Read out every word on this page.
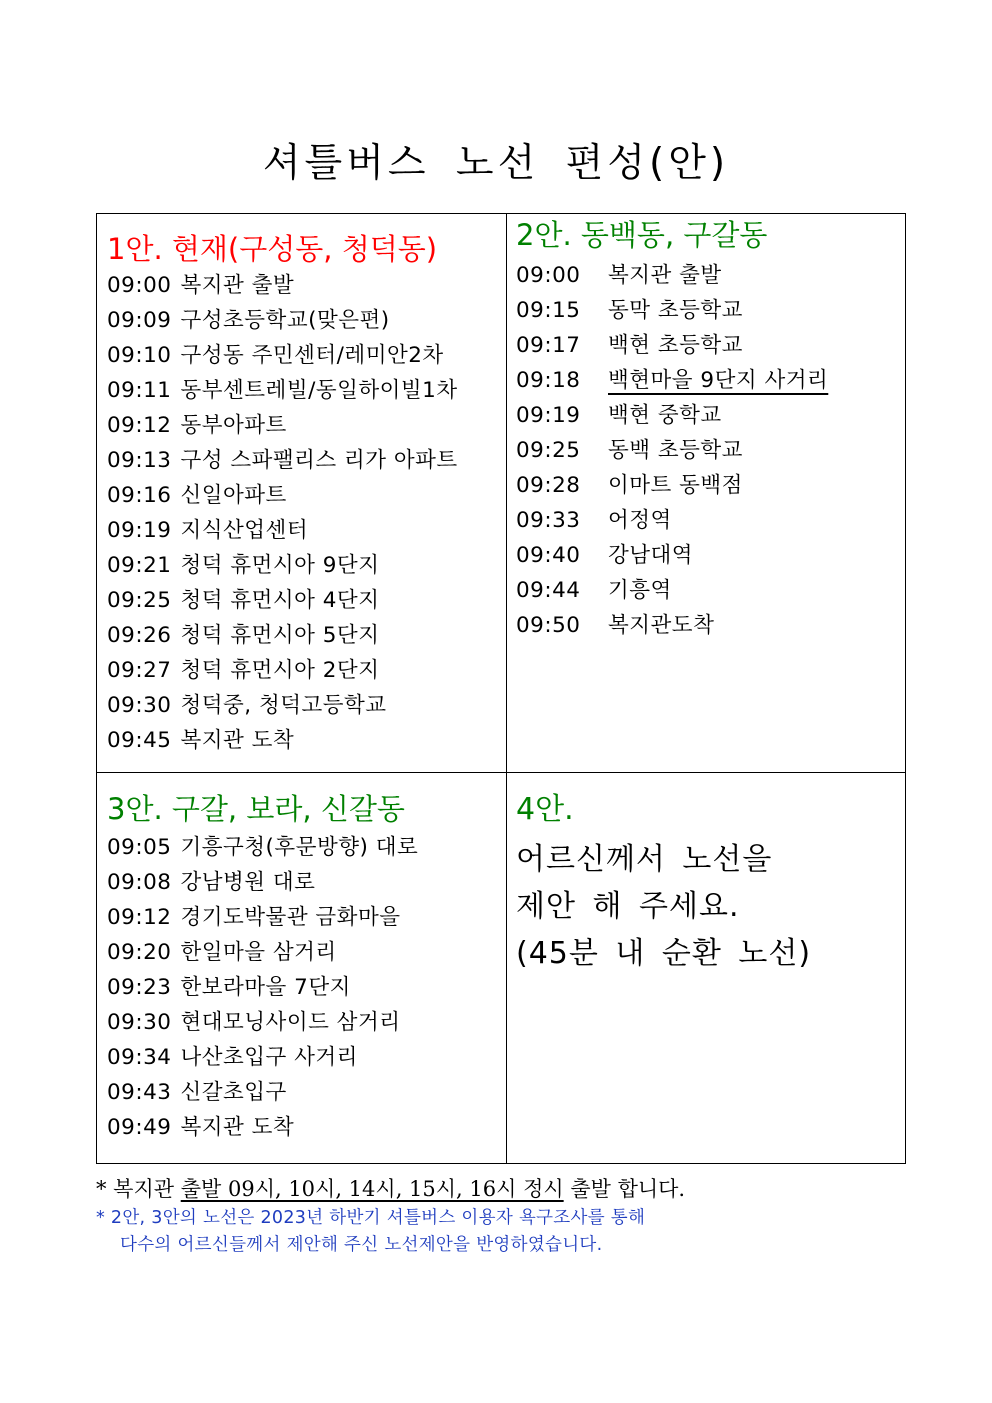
셔틀버스 노선 편성(안)
1안. 현재(구성동, 청덕동)
09:00 복지관 출발
09:09 구성초등학교(맞은편)
09:10 구성동 주민센터/레미안2차
09:11 동부센트레빌/동일하이빌1차
09:12 동부아파트
09:13 구성 스파팰리스 리가 아파트
09:16 신일아파트
09:19 지식산업센터
09:21 청덕 휴먼시아 9단지
09:25 청덕 휴먼시아 4단지
09:26 청덕 휴먼시아 5단지
09:27 청덕 휴먼시아 2단지
09:30 청덕중, 청덕고등학교
09:45 복지관 도착
2안. 동백동, 구갈동
09:00 복지관 출발
09:15 동막 초등학교
09:17 백현 초등학교
09:18 백현마을 9단지 사거리
09:19 백현 중학교
09:25 동백 초등학교
09:28 이마트 동백점
09:33 어정역
09:40 강남대역
09:44 기흥역
09:50 복지관도착
3안. 구갈, 보라, 신갈동
09:05 기흥구청(후문방향) 대로
09:08 강남병원 대로
09:12 경기도박물관 금화마을
09:20 한일마을 삼거리
09:23 한보라마을 7단지
09:30 현대모닝사이드 삼거리
09:34 나산초입구 사거리
09:43 신갈초입구
09:49 복지관 도착
4안.
어르신께서 노선을
제안 해 주세요.
(45분 내 순환 노선)
* 복지관 출발 09시, 10시, 14시, 15시, 16시 정시 출발 합니다.
* 2안, 3안의 노선은 2023년 하반기 셔틀버스 이용자 욕구조사를 통해
다수의 어르신들께서 제안해 주신 노선제안을 반영하였습니다.
